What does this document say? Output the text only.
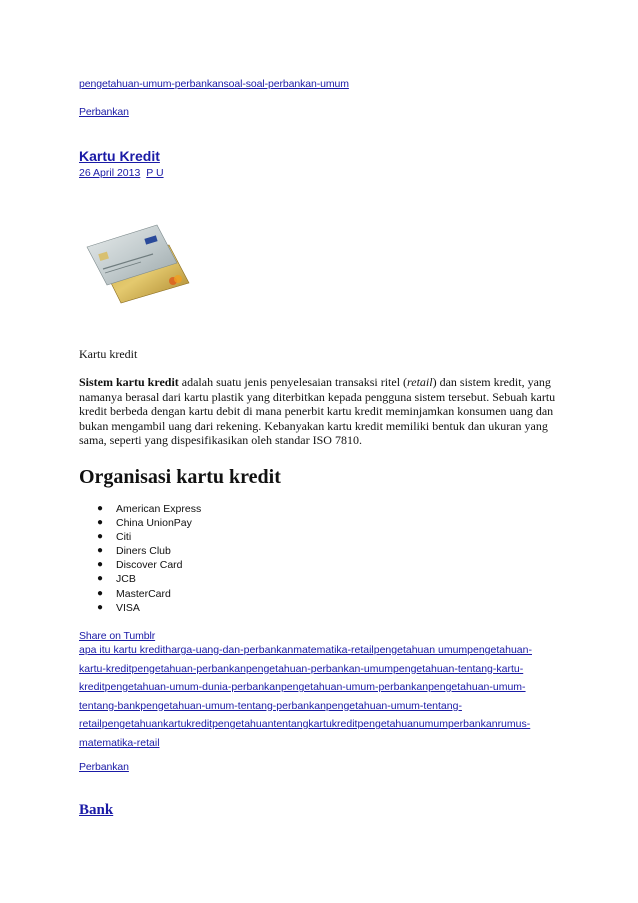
pengetahuan-umum-perbankansoal-soal-perbankan-umum
Perbankan
Kartu Kredit
26 April 2013 P U
Kartu kredit

Sistem kartu kredit adalah suatu jenis penyelesaian transaksi ritel (retail) dan sistem kredit, yang namanya berasal dari kartu plastik yang diterbitkan kepada pengguna sistem tersebut. Sebuah kartu kredit berbeda dengan kartu debit di mana penerbit kartu kredit meminjamkan konsumen uang dan bukan mengambil uang dari rekening. Kebanyakan kartu kredit memiliki bentuk dan ukuran yang sama, seperti yang dispesifikasikan oleh standar ISO 7810.

Organisasi kartu kredit
● American Express
● China UnionPay
● Citi
● Diners Club
● Discover Card
● JCB
● MasterCard
● VISA
Share on Tumblr
apa itu kartu kreditharga-uang-dan-perbankanmatematika-retailpengetahuan umumpengetahuan-
kartu-kreditpengetahuan-perbankanpengetahuan-perbankan-umumpengetahuan-tentang-kartu-
kreditpengetahuan-umum-dunia-perbankanpengetahuan-umum-perbankanpengetahuan-umum-
tentang-bankpengetahuan-umum-tentang-perbankanpengetahuan-umum-tentang-
retailpengetahuankartukreditpengetahuantentangkartukreditpengetahuanumumperbankanrumus-
matematika-retail
Perbankan
Bank
